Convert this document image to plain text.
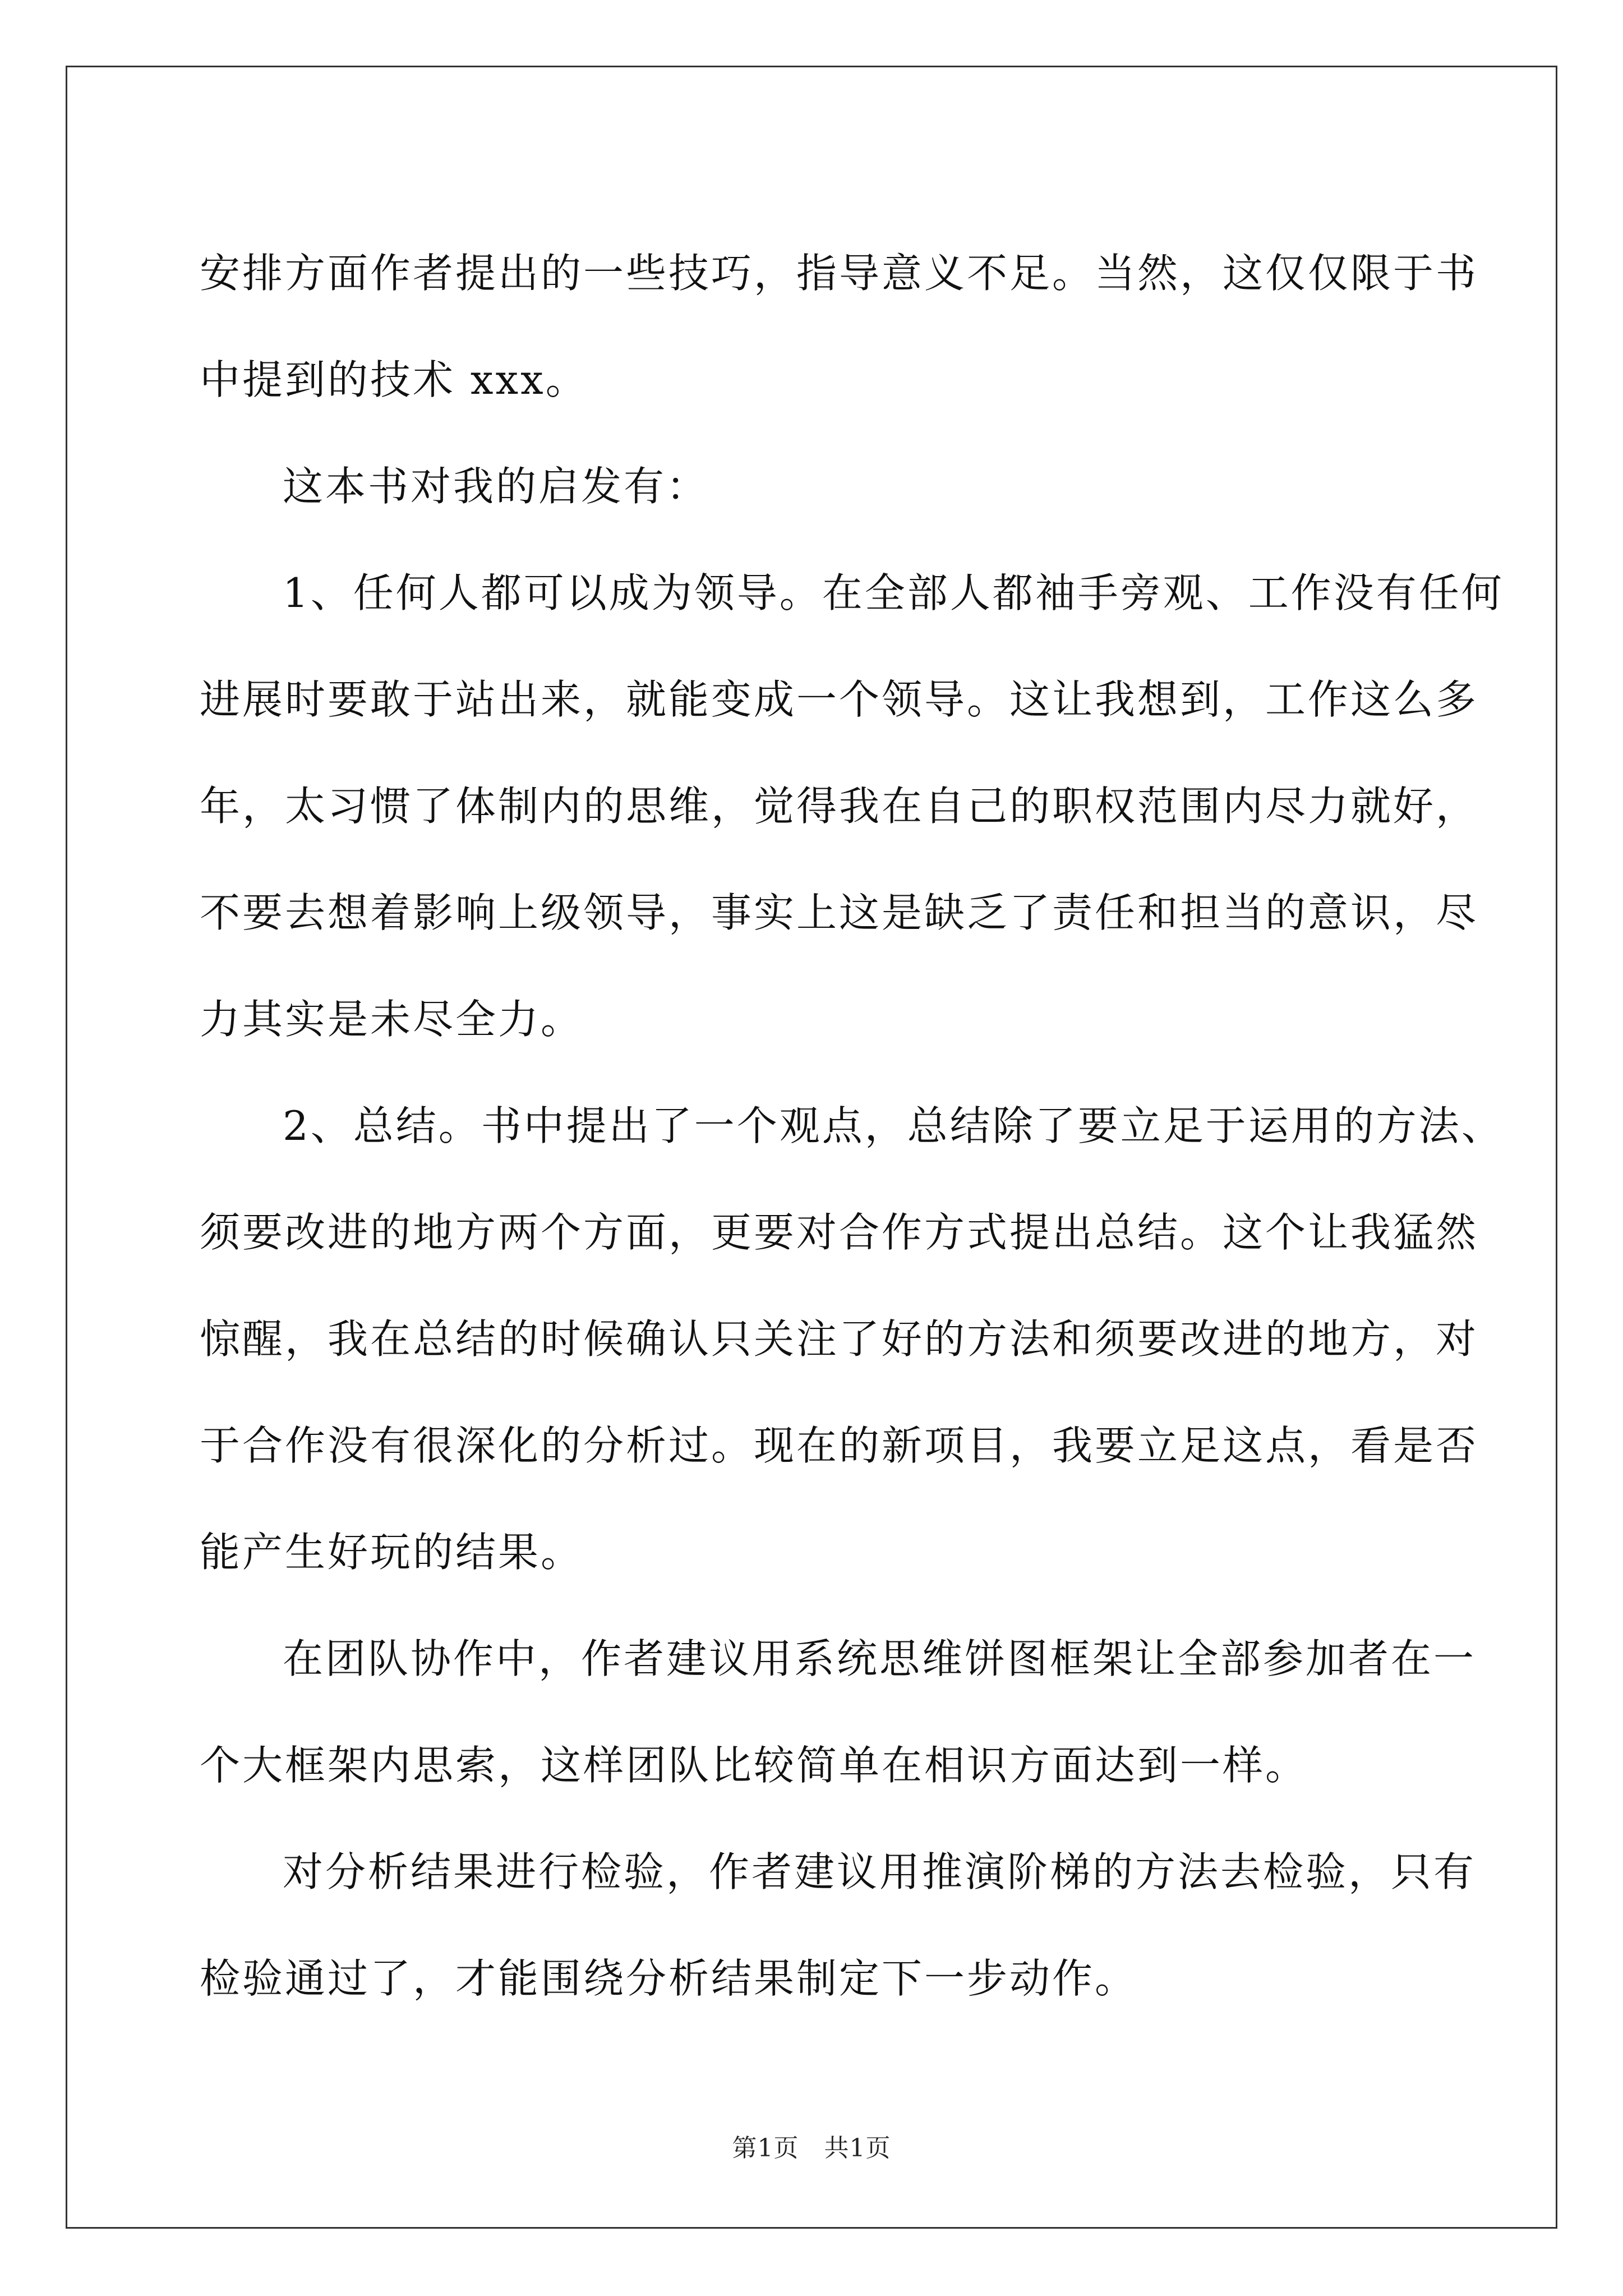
安排方面作者提出的一些技巧，指导意义不足。当然，这仅仅限于书
中提到的技术 xxx。
这本书对我的启发有：
1、任何人都可以成为领导。在全部人都袖手旁观、工作没有任何
进展时要敢于站出来，就能变成一个领导。这让我想到，工作这么多
年，太习惯了体制内的思维，觉得我在自己的职权范围内尽力就好，
不要去想着影响上级领导，事实上这是缺乏了责任和担当的意识，尽
力其实是未尽全力。
2、总结。书中提出了一个观点，总结除了要立足于运用的方法、
须要改进的地方两个方面，更要对合作方式提出总结。这个让我猛然
惊醒，我在总结的时候确认只关注了好的方法和须要改进的地方，对
于合作没有很深化的分析过。现在的新项目，我要立足这点，看是否
能产生好玩的结果。
在团队协作中，作者建议用系统思维饼图框架让全部参加者在一
个大框架内思索，这样团队比较简单在相识方面达到一样。
对分析结果进行检验，作者建议用推演阶梯的方法去检验，只有
检验通过了，才能围绕分析结果制定下一步动作。
第1页　共1页
